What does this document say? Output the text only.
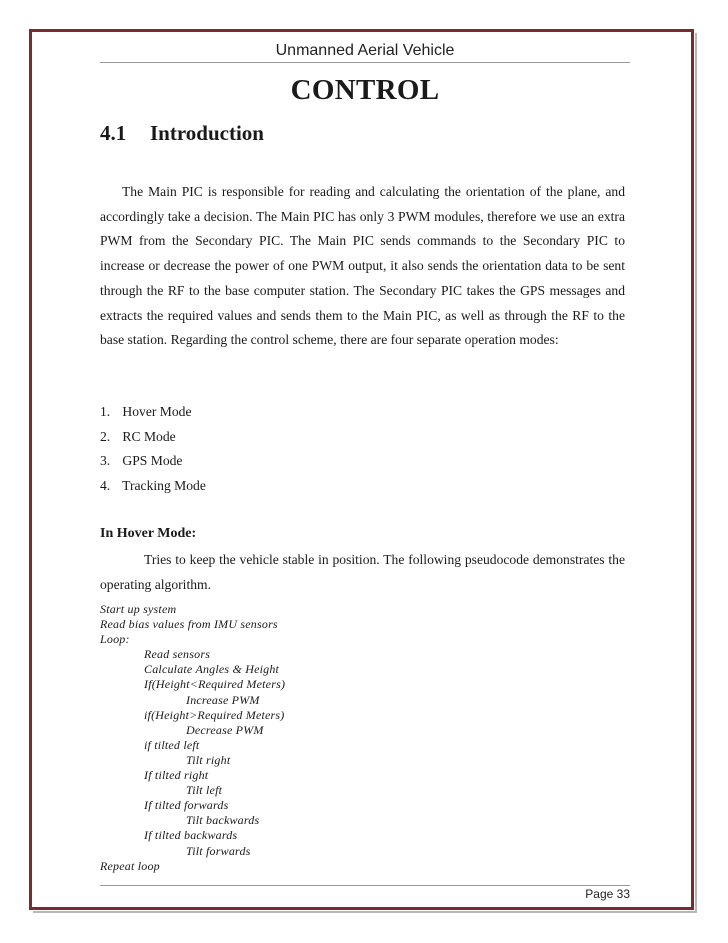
Unmanned Aerial Vehicle
CONTROL
4.1 Introduction

The Main PIC is responsible for reading and calculating the orientation of the plane, and accordingly take a decision. The Main PIC has only 3 PWM modules, therefore we use an extra PWM from the Secondary PIC. The Main PIC sends commands to the Secondary PIC to increase or decrease the power of one PWM output, it also sends the orientation data to be sent through the RF to the base computer station. The Secondary PIC takes the GPS messages and extracts the required values and sends them to the Main PIC, as well as through the RF to the base station. Regarding the control scheme, there are four separate operation modes:

1. Hover Mode
2. RC Mode
3. GPS Mode
4. Tracking Mode
In Hover Mode:

Tries to keep the vehicle stable in position. The following pseudocode demonstrates the operating algorithm.

Start up system
Read bias values from IMU sensors
Loop:
Read sensors
Calculate Angles & Height
If(Height<Required Meters)
Increase PWM
if(Height>Required Meters)
Decrease PWM
if tilted left
Tilt right
If tilted right
Tilt left
If tilted forwards
Tilt backwards
If tilted backwards
Tilt forwards
Repeat loop
Page 33
